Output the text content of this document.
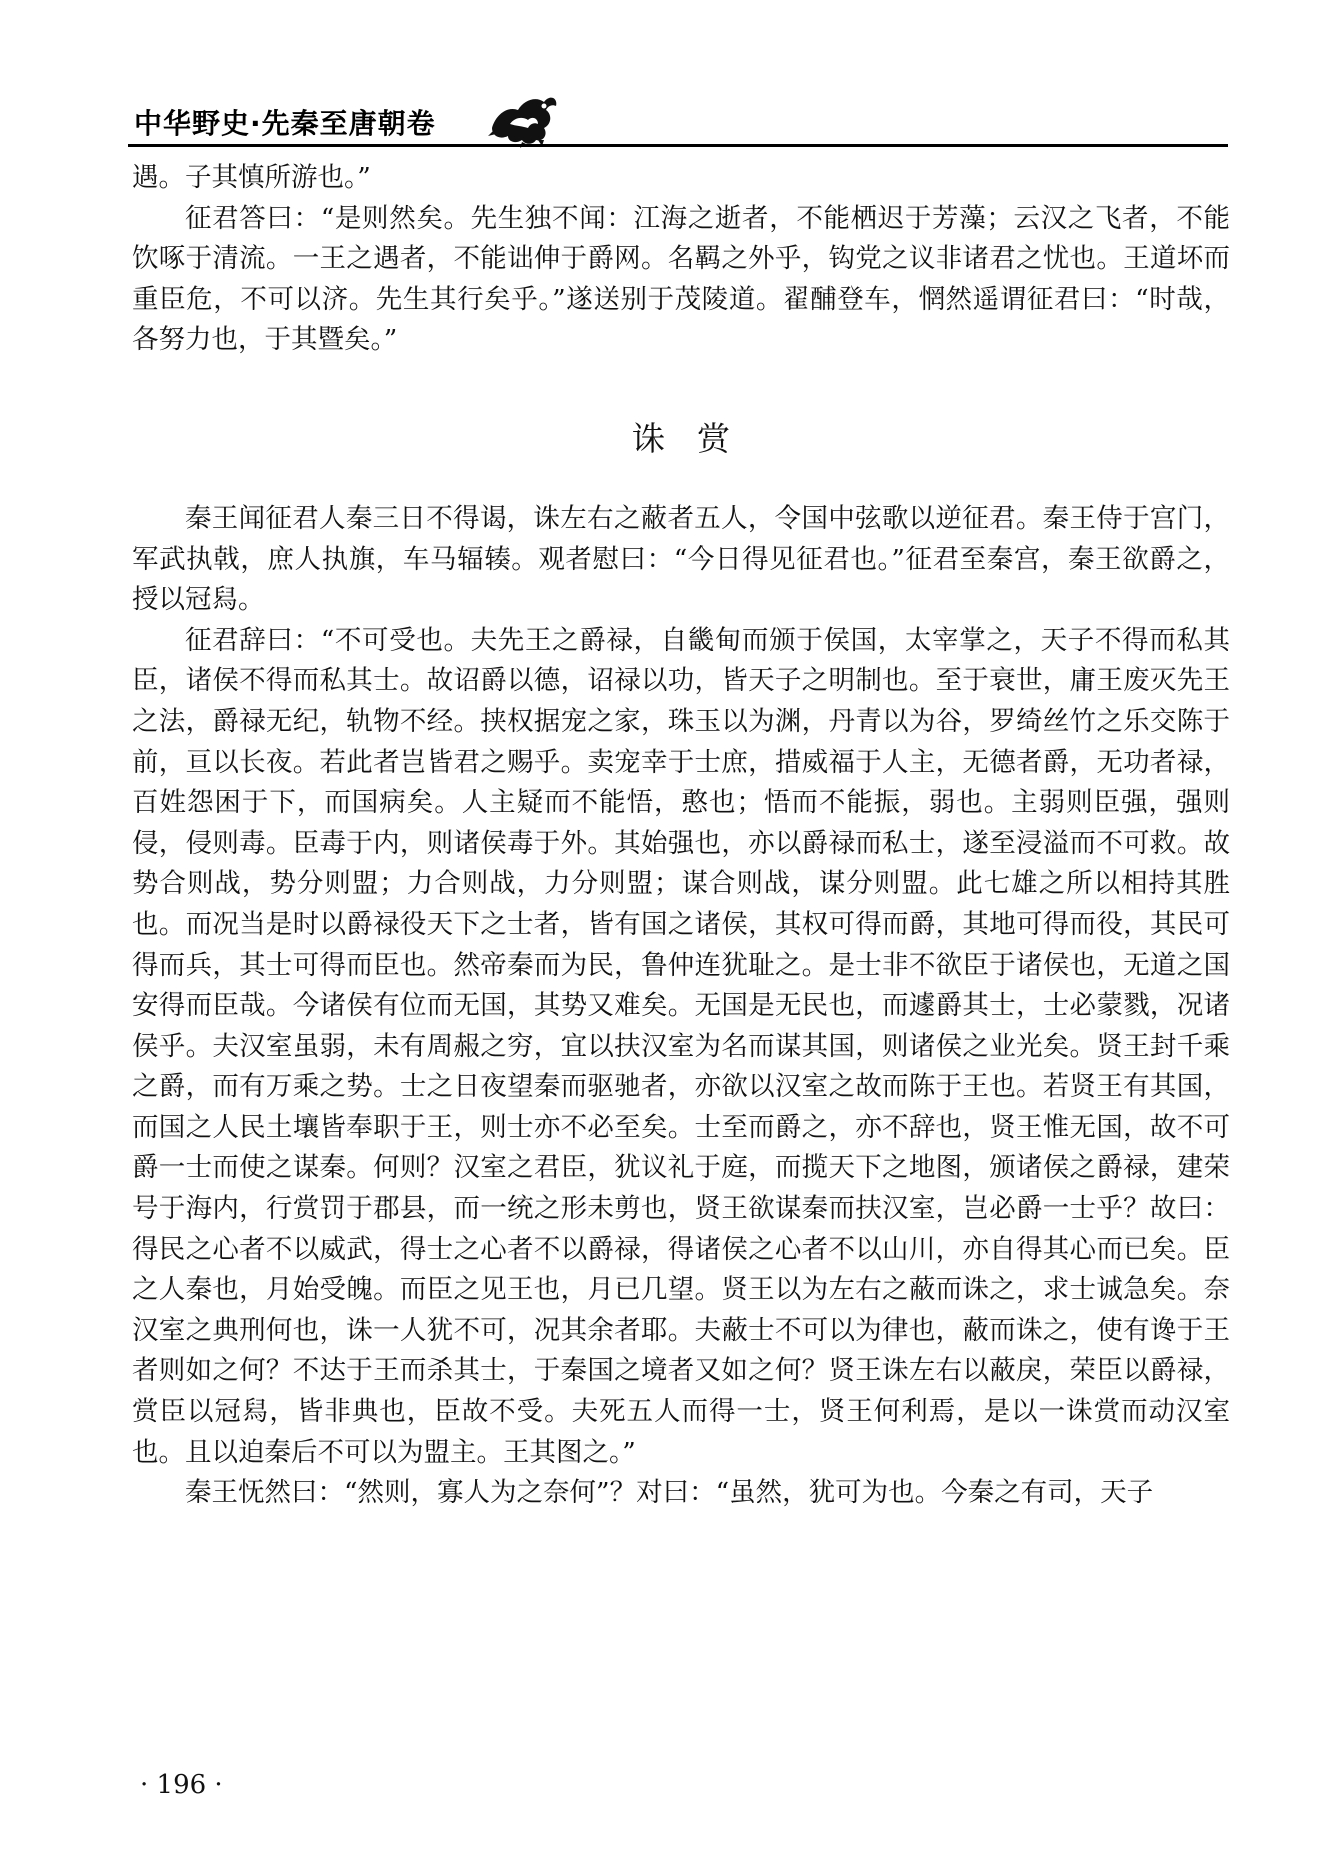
中华野史·先秦至唐朝卷

遇。子其慎所游也。”

征君答曰：“是则然矣。先生独不闻：江海之逝者，不能栖迟于芳藻；云汉之飞者，不能饮啄于清流。一王之遇者，不能诎伸于爵网。名羁之外乎，钩党之议非诸君之忧也。王道坏而重臣危，不可以济。先生其行矣乎。”遂送别于茂陵道。翟酺登车，惘然遥谓征君曰：“时哉，各努力也，于其暨矣。”

诛赏

秦王闻征君人秦三日不得谒，诛左右之蔽者五人，令国中弦歌以逆征君。秦王侍于宫门，军武执戟，庶人执旗，车马辐辏。观者慰曰：“今日得见征君也。”征君至秦宫，秦王欲爵之，授以冠舄。

征君辞曰：“不可受也。夫先王之爵禄，自畿甸而颁于侯国，太宰掌之，天子不得而私其臣，诸侯不得而私其士。故诏爵以德，诏禄以功，皆天子之明制也。至于衰世，庸王废灭先王之法，爵禄无纪，轨物不经。挟权据宠之家，珠玉以为渊，丹青以为谷，罗绮丝竹之乐交陈于前，亘以长夜。若此者岂皆君之赐乎。卖宠幸于士庶，措威福于人主，无德者爵，无功者禄，百姓怨困于下，而国病矣。人主疑而不能悟，憨也；悟而不能振，弱也。主弱则臣强，强则侵，侵则毒。臣毒于内，则诸侯毒于外。其始强也，亦以爵禄而私士，遂至浸溢而不可救。故势合则战，势分则盟；力合则战，力分则盟；谋合则战，谋分则盟。此七雄之所以相持其胜也。而况当是时以爵禄役天下之士者，皆有国之诸侯，其权可得而爵，其地可得而役，其民可得而兵，其士可得而臣也。然帝秦而为民，鲁仲连犹耻之。是士非不欲臣于诸侯也，无道之国安得而臣哉。今诸侯有位而无国，其势又难矣。无国是无民也，而遽爵其士，士必蒙戮，况诸侯乎。夫汉室虽弱，未有周赧之穷，宜以扶汉室为名而谋其国，则诸侯之业光矣。贤王封千乘之爵，而有万乘之势。士之日夜望秦而驱驰者，亦欲以汉室之故而陈于王也。若贤王有其国，而国之人民土壤皆奉职于王，则士亦不必至矣。士至而爵之，亦不辞也，贤王惟无国，故不可爵一士而使之谋秦。何则？汉室之君臣，犹议礼于庭，而揽天下之地图，颁诸侯之爵禄，建荣号于海内，行赏罚于郡县，而一统之形未剪也，贤王欲谋秦而扶汉室，岂必爵一士乎？故曰：得民之心者不以威武，得士之心者不以爵禄，得诸侯之心者不以山川，亦自得其心而已矣。臣之人秦也，月始受魄。而臣之见王也，月已几望。贤王以为左右之蔽而诛之，求士诚急矣。奈汉室之典刑何也，诛一人犹不可，况其余者耶。夫蔽士不可以为律也，蔽而诛之，使有谗于王者则如之何？不达于王而杀其士，于秦国之境者又如之何？贤王诛左右以蔽戾，荣臣以爵禄，赏臣以冠舄，皆非典也，臣故不受。夫死五人而得一士，贤王何利焉，是以一诛赏而动汉室也。且以迫秦后不可以为盟主。王其图之。”

秦王怃然曰：“然则，寡人为之奈何”？对曰：“虽然，犹可为也。今秦之有司，天子

· 196 ·
